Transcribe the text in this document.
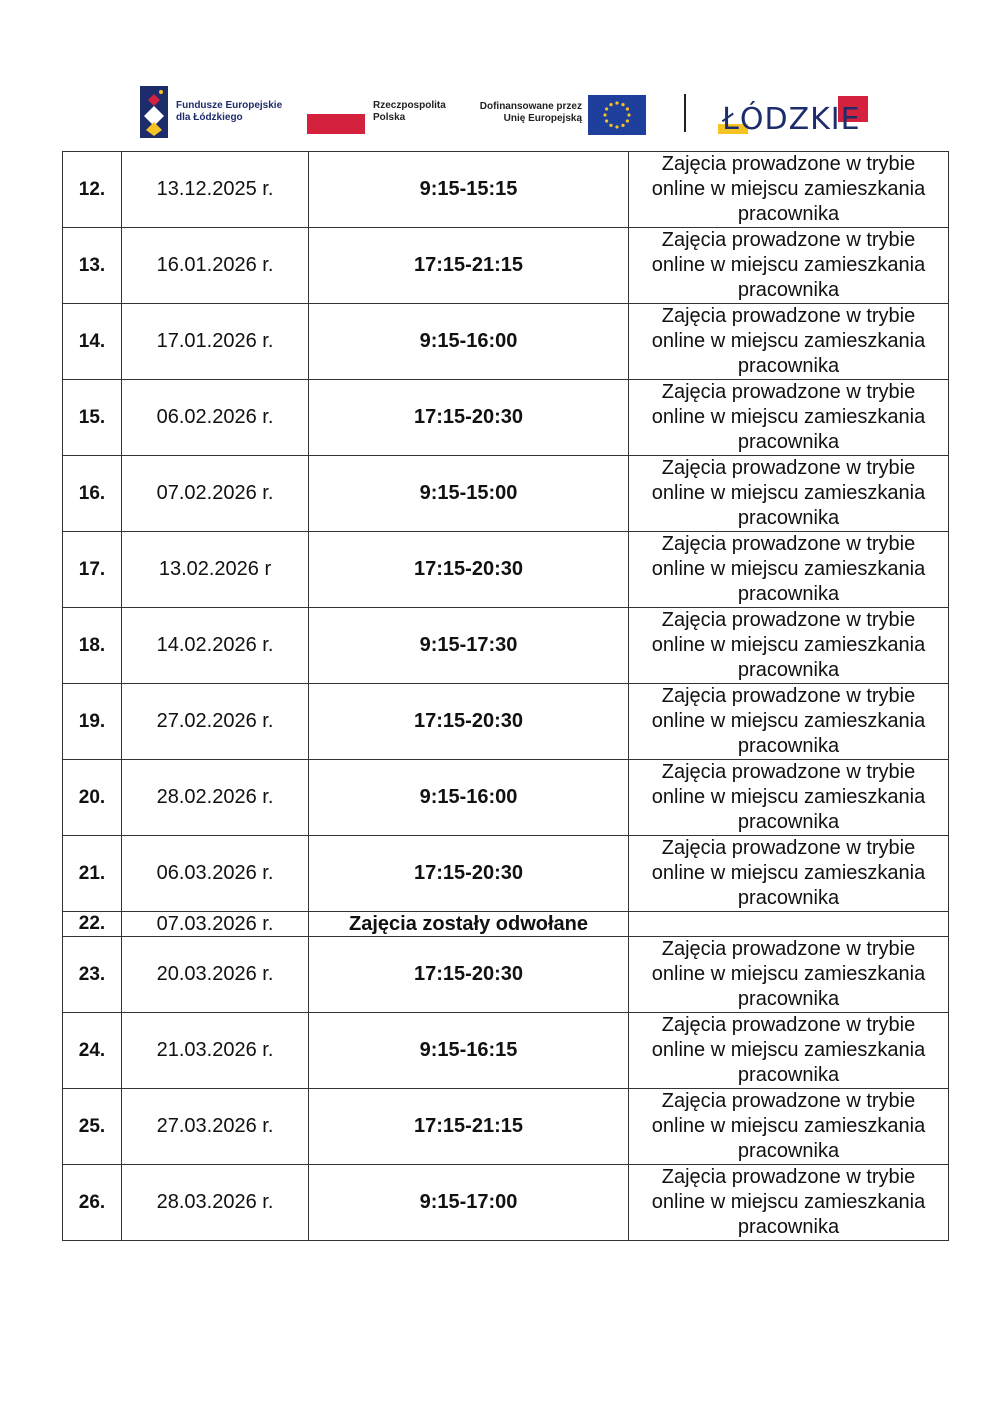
Fundusze Europejskie
dla Łódzkiego
Rzeczpospolita
Polska
Dofinansowane przez
Unię Europejską	ŁÓDZKIE
12.	13.12.2025 r.	9:15-15:15	Zajęcia prowadzone w trybie
online w miejscu zamieszkania
pracownika

13.	16.01.2026 r.	17:15-21:15	Zajęcia prowadzone w trybie
online w miejscu zamieszkania
pracownika

14.	17.01.2026 r.	9:15-16:00	Zajęcia prowadzone w trybie
online w miejscu zamieszkania
pracownika

15.	06.02.2026 r.	17:15-20:30	Zajęcia prowadzone w trybie
online w miejscu zamieszkania
pracownika

16.	07.02.2026 r.	9:15-15:00	Zajęcia prowadzone w trybie
online w miejscu zamieszkania
pracownika

17.	13.02.2026 r	17:15-20:30	Zajęcia prowadzone w trybie
online w miejscu zamieszkania
pracownika

18.	14.02.2026 r.	9:15-17:30	Zajęcia prowadzone w trybie
online w miejscu zamieszkania
pracownika

19.	27.02.2026 r.	17:15-20:30	Zajęcia prowadzone w trybie
online w miejscu zamieszkania
pracownika

20.	28.02.2026 r.	9:15-16:00	Zajęcia prowadzone w trybie
online w miejscu zamieszkania
pracownika

21.	06.03.2026 r.	17:15-20:30	Zajęcia prowadzone w trybie
online w miejscu zamieszkania
pracownika

22.	07.03.2026 r.	Zajęcia zostały odwołane	
23.	20.03.2026 r.	17:15-20:30	Zajęcia prowadzone w trybie
online w miejscu zamieszkania
pracownika

24.	21.03.2026 r.	9:15-16:15	Zajęcia prowadzone w trybie
online w miejscu zamieszkania
pracownika

25.	27.03.2026 r.	17:15-21:15	Zajęcia prowadzone w trybie
online w miejscu zamieszkania
pracownika

26.	28.03.2026 r.	9:15-17:00	Zajęcia prowadzone w trybie
online w miejscu zamieszkania
pracownika
